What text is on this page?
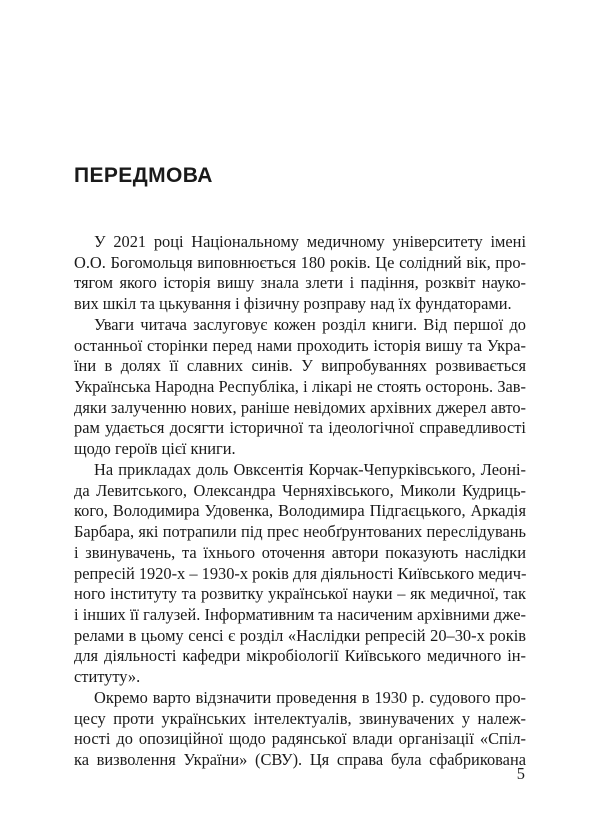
ПЕРЕДМОВА
У 2021 році Національному медичному університету імені
О.О. Богомольця виповнюється 180 років. Це солідний вік, про-
тягом якого історія вишу знала злети і падіння, розквіт науко-
вих шкіл та цькування і фізичну розправу над їх фундаторами.
Уваги читача заслуговує кожен розділ книги. Від першої до
останньої сторінки перед нами проходить історія вишу та Укра-
їни в долях її славних синів. У випробуваннях розвивається
Українська Народна Республіка, і лікарі не стоять осторонь. Зав-
дяки залученню нових, раніше невідомих архівних джерел авто-
рам удається досягти історичної та ідеологічної справедливості
щодо героїв цієї книги.
На прикладах доль Овксентія Корчак-Чепурківського, Леоні-
да Левитського, Олександра Черняхівського, Миколи Кудриць-
кого, Володимира Удовенка, Володимира Підгаєцького, Аркадія
Барбара, які потрапили під прес необґрунтованих переслідувань
і звинувачень, та їхнього оточення автори показують наслідки
репресій 1920-х – 1930-х років для діяльності Київського медич-
ного інституту та розвитку української науки – як медичної, так
і інших її галузей. Інформативним та насиченим архівними дже-
релами в цьому сенсі є розділ «Наслідки репресій 20–30-х років
для діяльності кафедри мікробіології Київського медичного ін-
ституту».
Окремо варто відзначити проведення в 1930 р. судового про-
цесу проти українських інтелектуалів, звинувачених у належ-
ності до опозиційної щодо радянської влади організації «Спіл-
ка визволення України» (СВУ). Ця справа була сфабрикована
5
